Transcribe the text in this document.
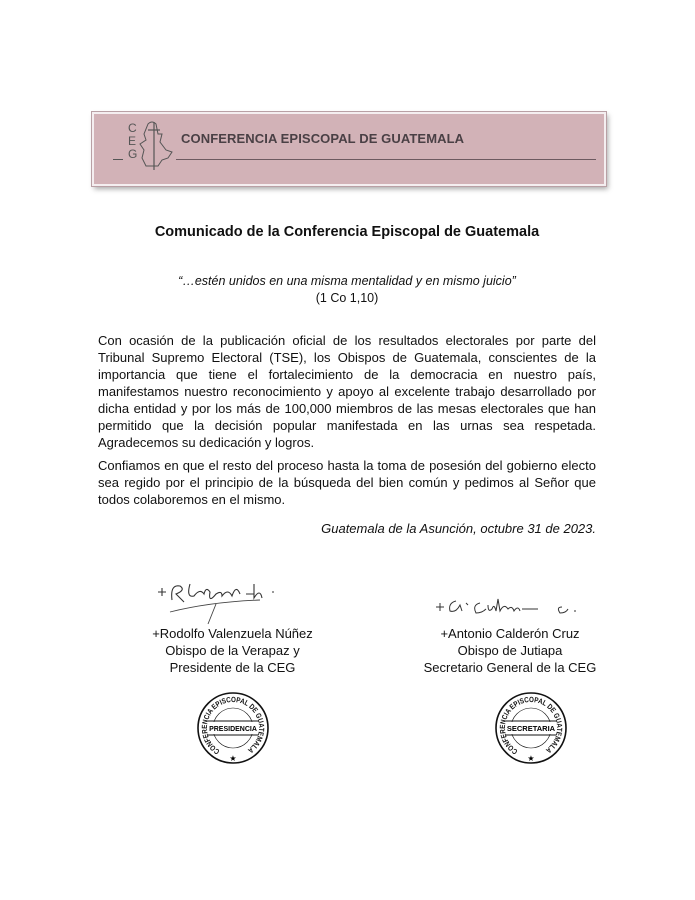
C
E
G
CONFERENCIA EPISCOPAL DE GUATEMALA
Comunicado de la Conferencia Episcopal de Guatemala
“…estén unidos en una misma mentalidad y en mismo juicio”
(1 Co 1,10)
Con ocasión de la publicación oficial de los resultados electorales por parte del Tribunal Supremo Electoral (TSE), los Obispos de Guatemala, conscientes de la importancia que tiene el fortalecimiento de la democracia en nuestro país, manifestamos nuestro reconocimiento y apoyo al excelente trabajo desarrollado por dicha entidad y por los más de 100,000 miembros de las mesas electorales que han permitido que la decisión popular manifestada en las urnas sea respetada. Agradecemos su dedicación y logros.
Confiamos en que el resto del proceso hasta la toma de posesión del gobierno electo sea regido por el principio de la búsqueda del bien común y pedimos al Señor que todos colaboremos en el mismo.
Guatemala de la Asunción, octubre 31 de 2023.
+Rodolfo Valenzuela Núñez
Obispo de la Verapaz y
Presidente de la CEG
+Antonio Calderón Cruz
Obispo de Jutiapa
Secretario General de la CEG
CONFERENCIA EPISCOPAL DE GUATEMALA
PRESIDENCIA
★
CONFERENCIA EPISCOPAL DE GUATEMALA
SECRETARIA
★
